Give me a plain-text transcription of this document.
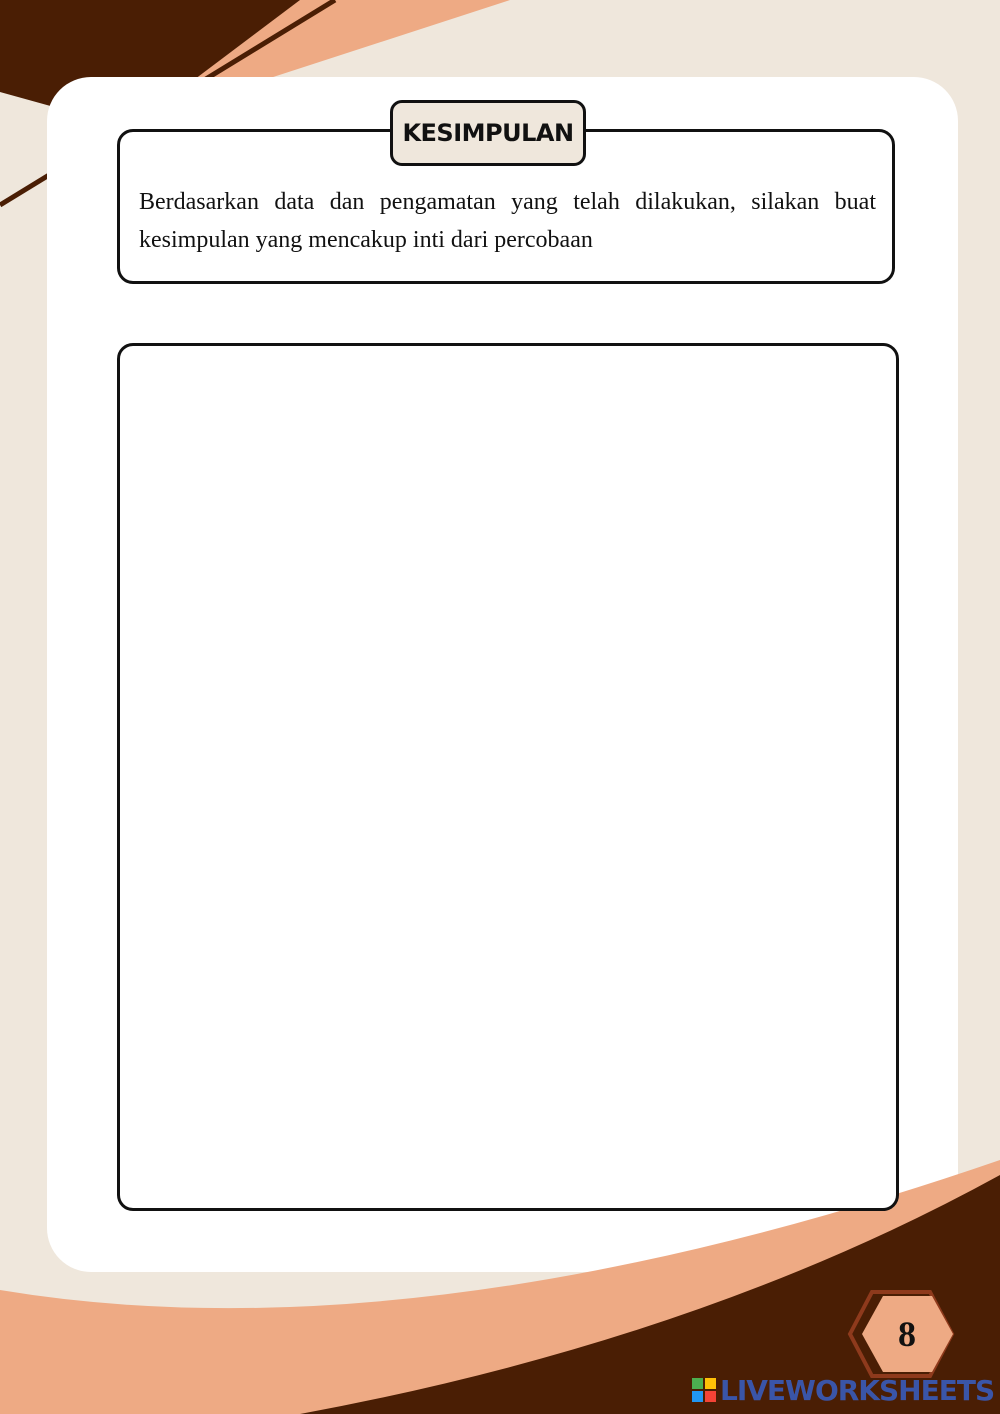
KESIMPULAN
Berdasarkan data dan pengamatan yang telah dilakukan, silakan buat kesimpulan yang mencakup inti dari percobaan
8
LIVEWORKSHEETS
